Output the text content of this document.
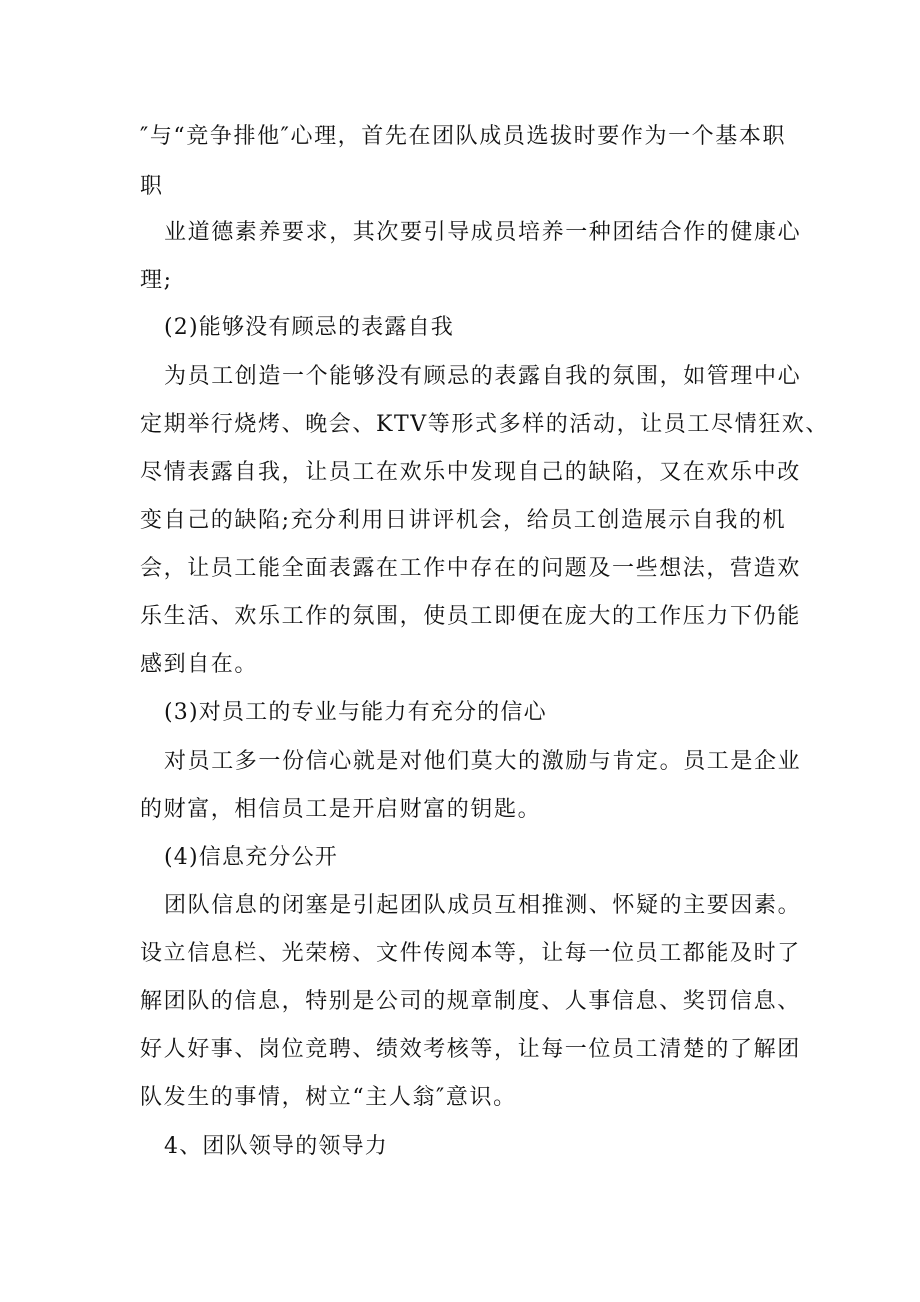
″与“竞争排他″心理，首先在团队成员选拔时要作为一个基本职
职
业道德素养要求，其次要引导成员培养一种团结合作的健康心
理;
(2)能够没有顾忌的表露自我
为员工创造一个能够没有顾忌的表露自我的氛围，如管理中心
定期举行烧烤、晚会、KTV等形式多样的活动，让员工尽情狂欢、
尽情表露自我，让员工在欢乐中发现自己的缺陷，又在欢乐中改
变自己的缺陷;充分利用日讲评机会，给员工创造展示自我的机
会，让员工能全面表露在工作中存在的问题及一些想法，营造欢
乐生活、欢乐工作的氛围，使员工即便在庞大的工作压力下仍能
感到自在。
(3)对员工的专业与能力有充分的信心
对员工多一份信心就是对他们莫大的激励与肯定。员工是企业
的财富，相信员工是开启财富的钥匙。
(4)信息充分公开
团队信息的闭塞是引起团队成员互相推测、怀疑的主要因素。
设立信息栏、光荣榜、文件传阅本等，让每一位员工都能及时了
解团队的信息，特别是公司的规章制度、人事信息、奖罚信息、
好人好事、岗位竞聘、绩效考核等，让每一位员工清楚的了解团
队发生的事情，树立“主人翁″意识。
4、团队领导的领导力
